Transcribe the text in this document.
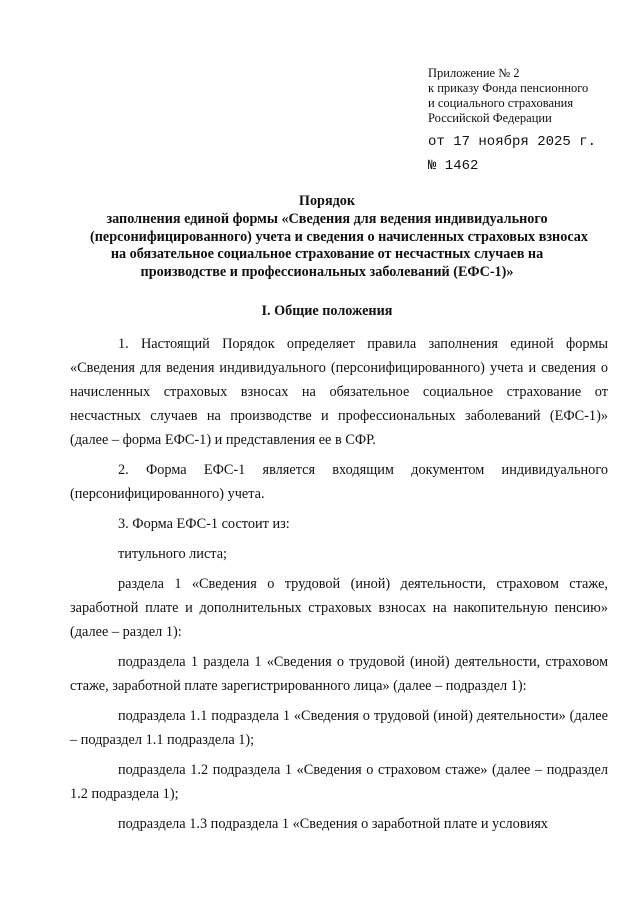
Приложение № 2
к приказу Фонда пенсионного
и социального страхования
Российской Федерации
от 17 ноября 2025 г.
№ 1462
Порядок
заполнения единой формы «Сведения для ведения индивидуального
(персонифицированного) учета и сведения о начисленных страховых взносах
на обязательное социальное страхование от несчастных случаев на
производстве и профессиональных заболеваний (ЕФС-1)»
I. Общие положения

1. Настоящий Порядок определяет правила заполнения единой формы «Сведения для ведения индивидуального (персонифицированного) учета и сведения о начисленных страховых взносах на обязательное социальное страхование от несчастных случаев на производстве и профессиональных заболеваний (ЕФС-1)» (далее – форма ЕФС-1) и представления ее в СФР.

2. Форма ЕФС-1 является входящим документом индивидуального (персонифицированного) учета.

3. Форма ЕФС-1 состоит из:

титульного листа;

раздела 1 «Сведения о трудовой (иной) деятельности, страховом стаже, заработной плате и дополнительных страховых взносах на накопительную пенсию» (далее – раздел 1):

подраздела 1 раздела 1 «Сведения о трудовой (иной) деятельности, страховом стаже, заработной плате зарегистрированного лица» (далее – подраздел 1):

подраздела 1.1 подраздела 1 «Сведения о трудовой (иной) деятельности» (далее – подраздел 1.1 подраздела 1);

подраздела 1.2 подраздела 1 «Сведения о страховом стаже» (далее – подраздел 1.2 подраздела 1);

подраздела 1.3 подраздела 1 «Сведения о заработной плате и условиях
